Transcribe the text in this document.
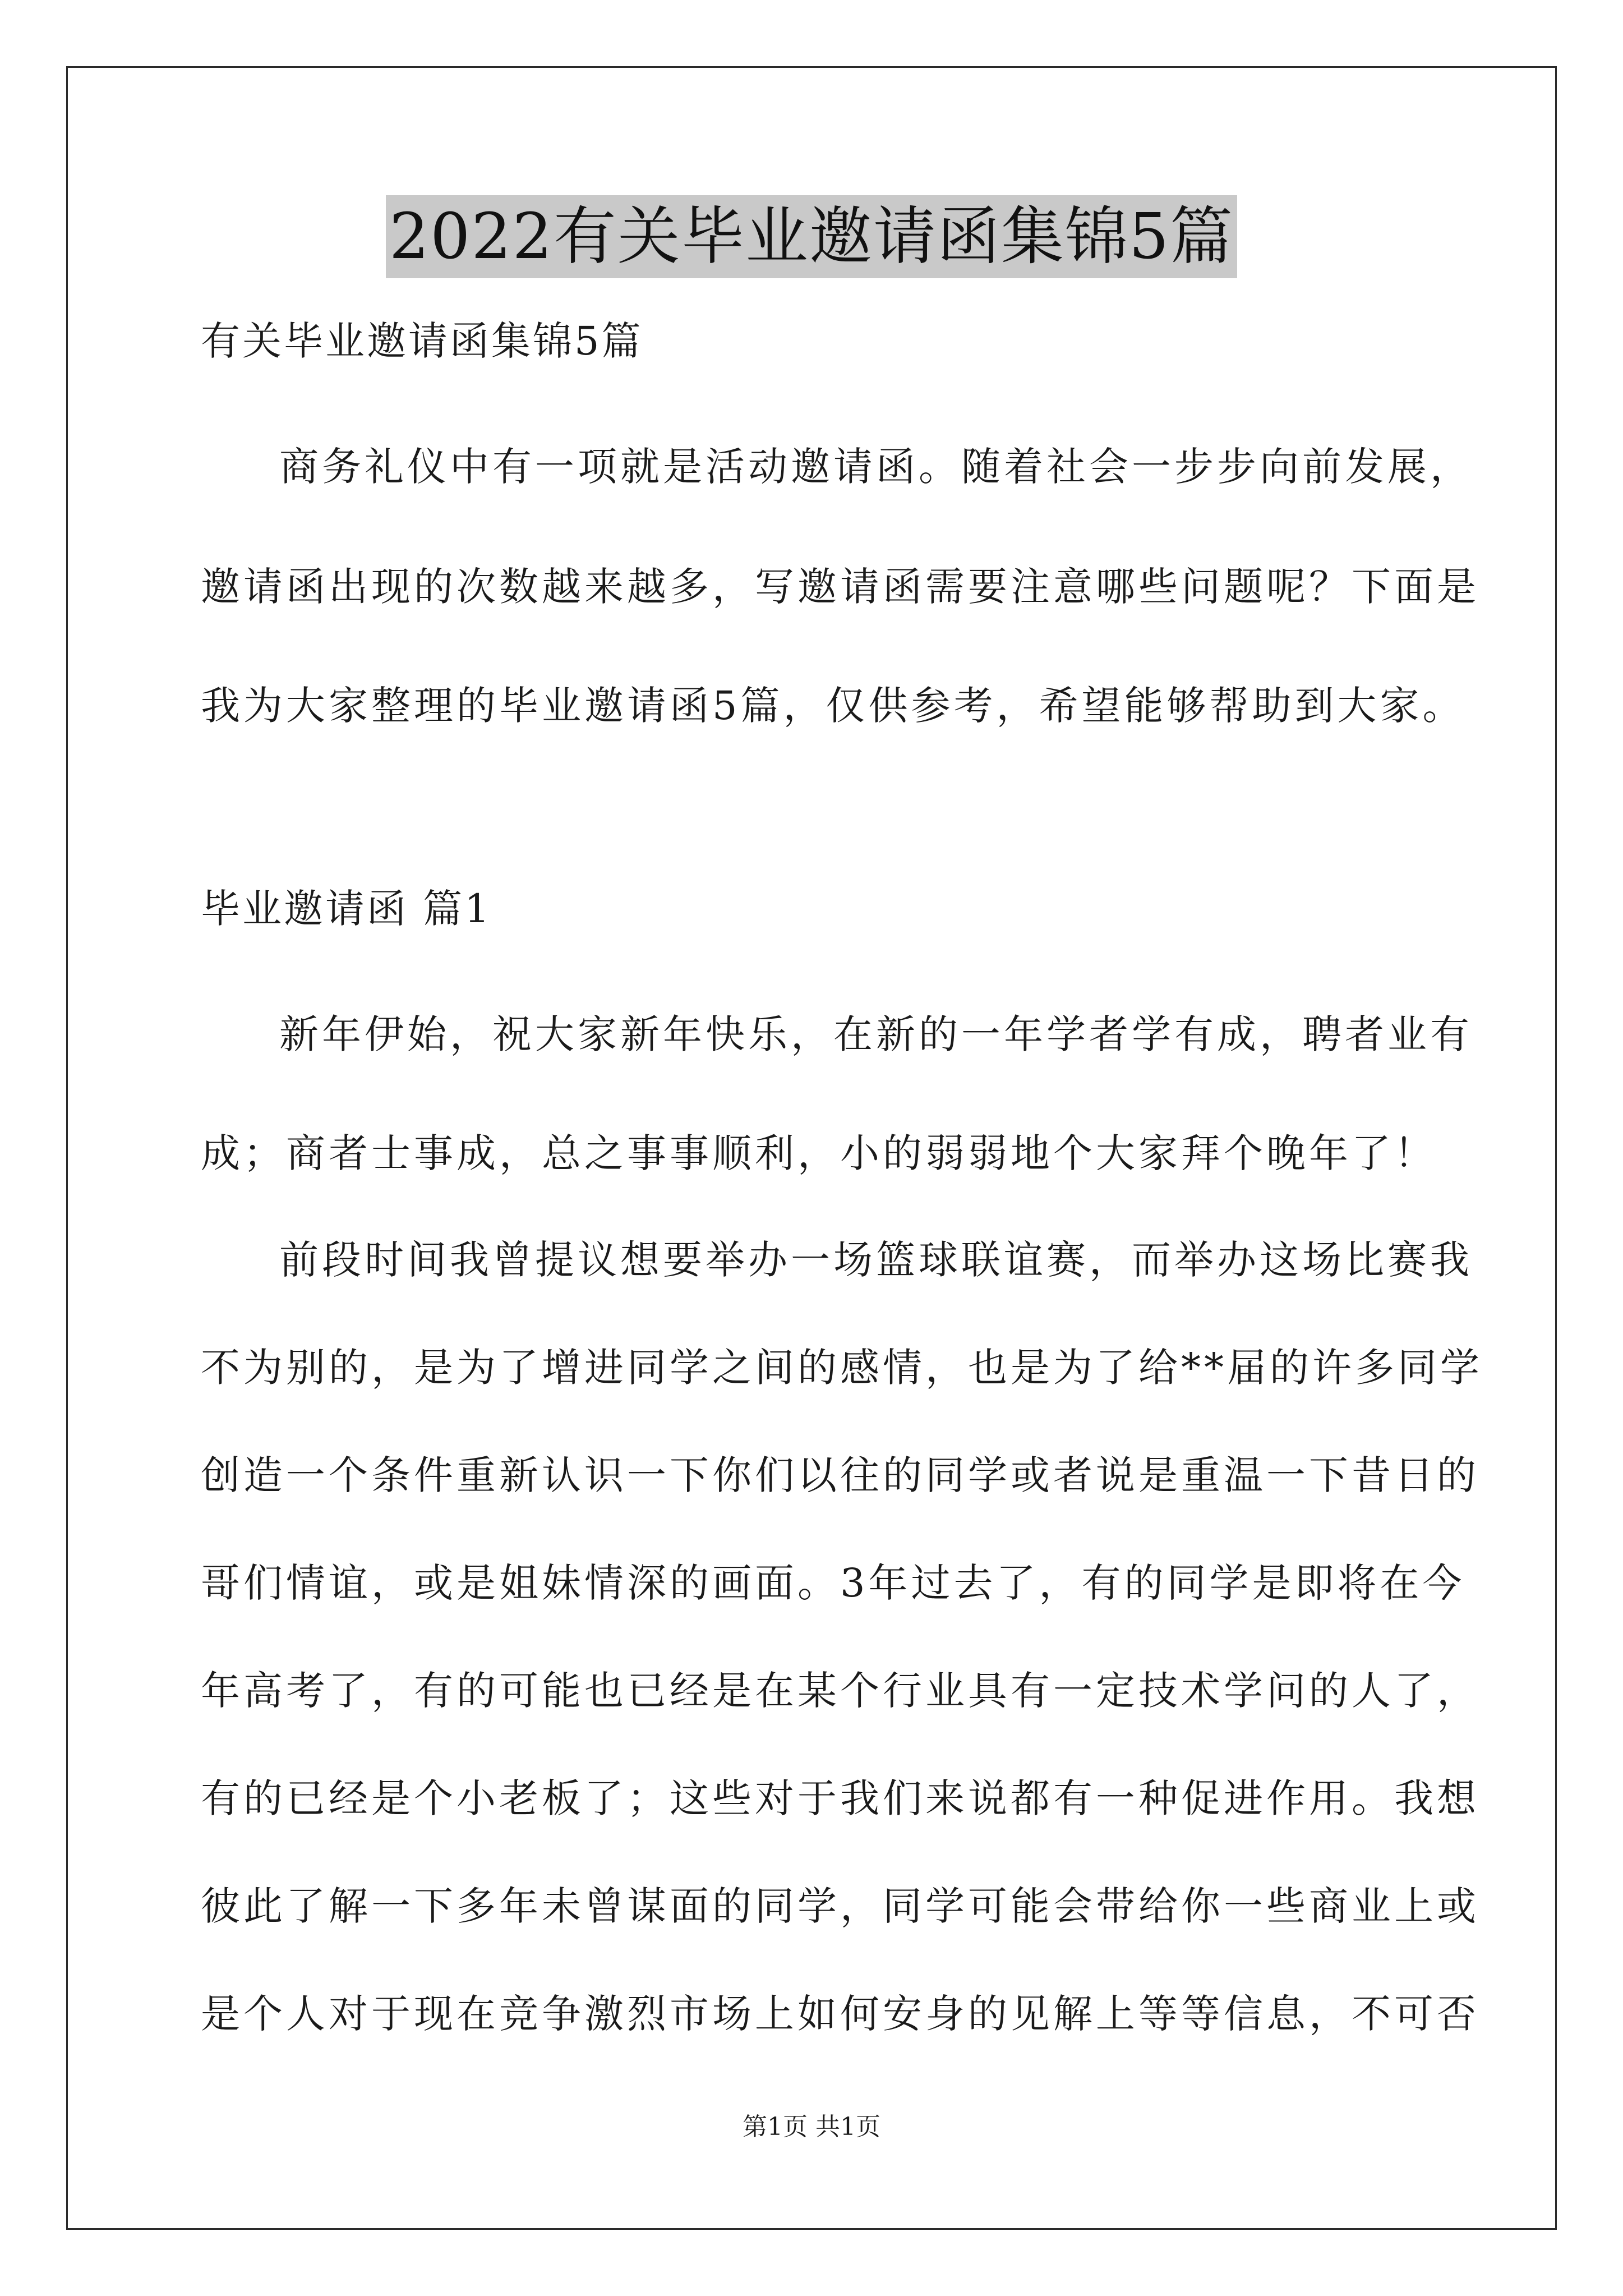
2022有关毕业邀请函集锦5篇
有关毕业邀请函集锦5篇
商务礼仪中有一项就是活动邀请函。随着社会一步步向前发展，
邀请函出现的次数越来越多，写邀请函需要注意哪些问题呢？下面是
我为大家整理的毕业邀请函5篇，仅供参考，希望能够帮助到大家。
毕业邀请函 篇1
新年伊始，祝大家新年快乐，在新的一年学者学有成，聘者业有
成；商者士事成，总之事事顺利，小的弱弱地个大家拜个晚年了！
前段时间我曾提议想要举办一场篮球联谊赛，而举办这场比赛我
不为别的，是为了增进同学之间的感情，也是为了给**届的许多同学
创造一个条件重新认识一下你们以往的同学或者说是重温一下昔日的
哥们情谊，或是姐妹情深的画面。3年过去了，有的同学是即将在今
年高考了，有的可能也已经是在某个行业具有一定技术学问的人了，
有的已经是个小老板了；这些对于我们来说都有一种促进作用。我想
彼此了解一下多年未曾谋面的同学，同学可能会带给你一些商业上或
是个人对于现在竞争激烈市场上如何安身的见解上等等信息，不可否
第1页 共1页
